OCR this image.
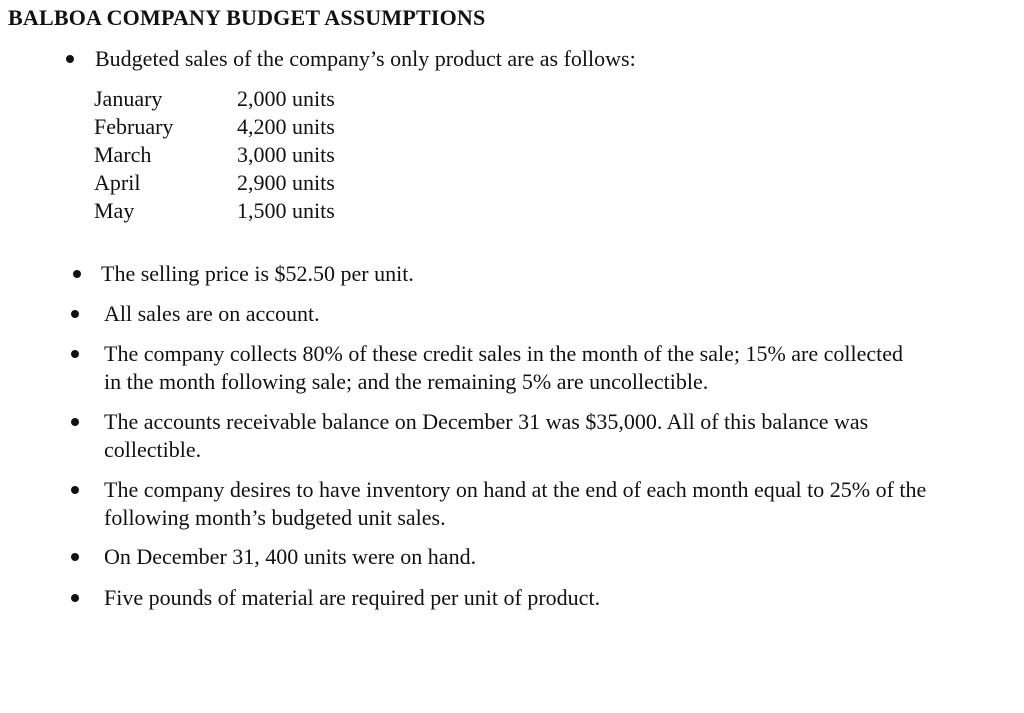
BALBOA COMPANY BUDGET ASSUMPTIONS
Budgeted sales of the company’s only product are as follows:
January	2,000 units
February	4,200 units
March	3,000 units
April	2,900 units
May	1,500 units
The selling price is $52.50 per unit.
All sales are on account.
The company collects 80% of these credit sales in the month of the sale; 15% are collected in the month following sale; and the remaining 5% are uncollectible.
The accounts receivable balance on December 31 was $35,000. All of this balance was collectible.
The company desires to have inventory on hand at the end of each month equal to 25% of the following month’s budgeted unit sales.
On December 31, 400 units were on hand.
Five pounds of material are required per unit of product.
